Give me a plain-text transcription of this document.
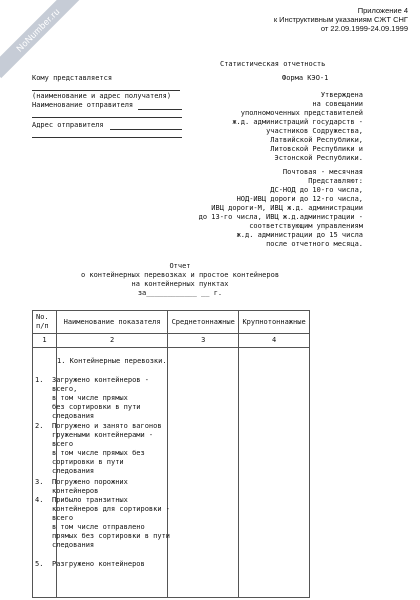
NoNumber.ru	Приложение 4
к Инструктивным указаниям СЖТ СНГ
от 22.09.1999-24.09.1999
Статистическая отчетность
Кому представляется	Форма КЭО-1
(наименование и адрес получателя)
Наименование отправителя
Адрес отправителя
Утверждена
на совещании
уполномоченных представителей
ж.д. администраций государств -
участников Содружества,
Латвийской Республики,
Литовской Республики и
Эстонской Республики.
Почтовая - месячная
Представляют:
ДС-НОД до 10-го числа,
НОД-ИВЦ дороги до 12-го числа,
ИВЦ дороги-М, ИВЦ ж.д. администрации
до 13-го числа, ИВЦ ж.д.администрации -
соответствующим управлениям
ж.д. администрации до 15 числа
после отчетного месяца.
Отчет
о контейнерных перевозках и простое контейнеров
на контейнерных пунктах
за____________ __ г.
No. п/п	Наименование показателя	Среднетоннажные	Крупнотоннажные
1	2	3	4

1. Контейнерные перевозки.
1. Загружено контейнеров -
всего,
в том числе прямых
без сортировки в пути
следования
2. Погружено и занято вагонов
гружеными контейнерами -
всего
в том числе прямых без
сортировки в пути
следования
3. Погружено порожних
контейнеров
4. Прибыло транзитных
контейнеров для сортировки -
всего
в том числе отправлено
прямых без сортировки в пути
следования
5. Разгружено контейнеров
